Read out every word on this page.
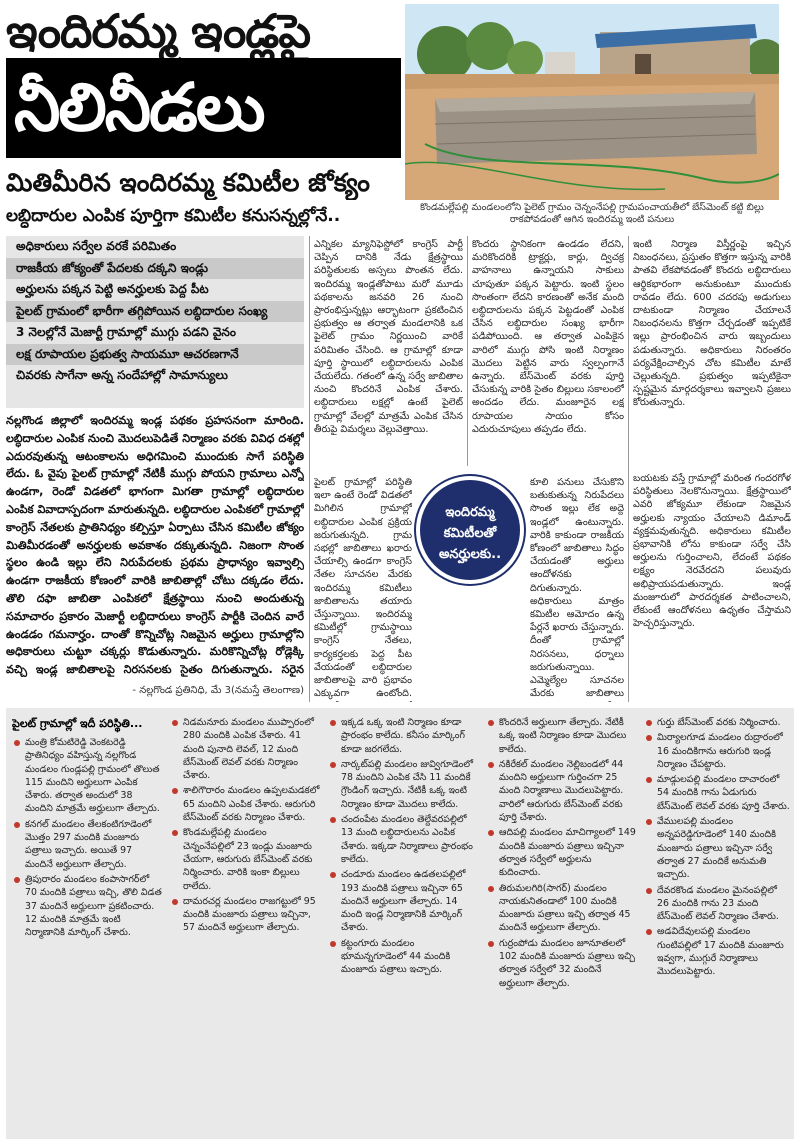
ఇందిరమ్మ ఇండ్లపై
నీలినీడలు
కొండమల్లేపల్లి మండలంలోని పైలెట్ గ్రామం చెన్నంనేపల్లి గ్రామపంచాయతీలో బేస్‌మెంట్ కట్టి బిల్లు రాకపోవడంతో ఆగిన ఇందిరమ్మ ఇంటి పనులు
మితిమీరిన ఇందిరమ్మ కమిటీల జోక్యం
లబ్ధిదారుల ఎంపిక పూర్తిగా కమిటీల కనుసన్నల్లోనే..
అధికారులు సర్వేల వరకే పరిమితం
రాజకీయ జోక్యంతో పేదలకు దక్కని ఇండ్లు
అర్హులను పక్కన పెట్టి అనర్హులకు పెద్ద పీట
పైలట్ గ్రామంలో భారీగా తగ్గిపోయిన లబ్ధిదారుల సంఖ్య
3 నెలల్లోనే మెజార్టీ గ్రామాల్లో ముగ్గు పడని వైనం
లక్ష రూపాయల ప్రభుత్వ సాయమూ ఆచరణగానే
చివరకు సాగేనా అన్న సందేహాల్లో సామాన్యులు
నల్లగొండ జిల్లాలో ఇందిరమ్మ ఇండ్ల పథకం ప్రహసనంగా మారింది. లబ్ధిదారుల ఎంపిక నుంచి మొదలుపెడితే నిర్మాణం వరకు వివిధ దశల్లో ఎదురవుతున్న ఆటంకాలను అధిగమించి ముందుకు సాగే పరిస్థితి లేదు. ఓ వైపు పైలట్ గ్రామాల్లో నేటికీ ముగ్గు పోయని గ్రామాలు ఎన్నో ఉండగా, రెండో విడతలో భాగంగా మిగతా గ్రామాల్లో లబ్ధిదారుల ఎంపిక వివాదాస్పదంగా మారుతున్నది. లబ్ధిదారుల ఎంపికలో గ్రామాల్లో కాంగ్రెస్ నేతలకు ప్రాతినిధ్యం కల్పిస్తూ ఏర్పాటు చేసిన కమిటీల జోక్యం మితిమీరడంతో అనర్హులకు అవకాశం దక్కుతున్నది. నిజంగా సొంత స్థలం ఉండి ఇల్లు లేని నిరుపేదలకు ప్రథమ ప్రాధాన్యం ఇవ్వాల్సి ఉండగా రాజకీయ కోణంలో వారికి జాబితాల్లో చోటు దక్కడం లేదు. తొలి దఫా జాబితా ఎంపికలో క్షేత్రస్థాయి నుంచి అందుతున్న సమాచారం ప్రకారం మెజార్టీ లబ్ధిదారులు కాంగ్రెస్ పార్టీకి చెందిన వారే ఉండడం గమనార్హం. దాంతో కొన్నిచోట్ల నిజమైన అర్హులు గ్రామాల్లోని అధికారులు చుట్టూ చక్కర్లు కొడుతున్నారు. మరికొన్నిచోట్ల రోడ్లెక్కి వచ్చి ఇండ్ల జాబితాలపై నిరసనలకు సైతం దిగుతున్నారు. సరైన
- నల్లగొండ ప్రతినిధి, మే 3(నమస్తే తెలంగాణ)
ఎన్నికల మ్యానిఫెస్టోలో కాంగ్రెస్ పార్టీ చెప్పిన దానికి నేడు క్షేత్రస్థాయి పరిస్థితులకు అస్సలు పొంతన లేదు. ఇందిరమ్మ ఇండ్లతోపాటు మరో మూడు పథకాలను జనవరి 26 నుంచి ప్రారంభిస్తున్నట్లు ఆర్భాటంగా ప్రకటించిన ప్రభుత్వం ఆ తర్వాత మండలానికి ఒక పైలెట్ గ్రామం నిర్ణయించి వారికే పరిమితం చేసింది. ఆ గ్రామాల్లో కూడా పూర్తి స్థాయిలో లబ్ధిదారులను ఎంపిక చేయలేదు. గతంలో ఉన్న సర్వే జాబితాల నుంచి కొందరినే ఎంపిక చేశారు. లబ్ధిదారులు లక్షల్లో ఉంటే పైలెట్ గ్రామాల్లో వేలల్లో మాత్రమే ఎంపిక చేసిన తీరుపై విమర్శలు వెల్లువెత్తాయి.
కొందరు స్థానికంగా ఉండడం లేదని, మరికొందరికి ట్రాక్టర్లు, కార్లు, ద్విచక్ర వాహనాలు ఉన్నాయని సాకులు చూపుతూ పక్కన పెట్టారు. ఇంటి స్థలం సొంతంగా లేదని కారణంతో అనేక మంది లబ్ధిదారులను పక్కన పెట్టడంతో ఎంపిక చేసిన లబ్ధిదారుల సంఖ్య భారీగా పడిపోయింది. ఆ తర్వాత ఎంపికైన వారిలో ముగ్గు పోసి ఇంటి నిర్మాణం మొదలు పెట్టిన వారు స్వల్పంగానే ఉన్నారు. బేస్‌మెంట్ వరకు పూర్తి చేసుకున్న వారికి సైతం బిల్లులు సకాలంలో అందడం లేదు. మంజూరైన లక్ష రూపాయల సాయం కోసం ఎదురుచూపులు తప్పడం లేదు.
ఇంటి నిర్మాణ విస్తీర్ణంపై ఇచ్చిన నిబంధనలు, ప్రస్తుతం కొత్తగా ఇస్తున్న వారికి పాతవి లేకపోవడంతో కొందరు లబ్ధిదారులు ఆర్థికభారంగా అనుకుంటూ ముందుకు రావడం లేదు. 600 చదరపు అడుగులు దాటకుండా నిర్మాణం చేయాలనే నిబంధనలను కొత్తగా చేర్చడంతో ఇప్పటికే ఇల్లు ప్రారంభించిన వారు ఇబ్బందులు పడుతున్నారు. అధికారులు నిరంతరం పర్యవేక్షించాల్సిన చోట కమిటీల మాటే చెల్లుతున్నది. ప్రభుత్వం ఇప్పటికైనా స్పష్టమైన మార్గదర్శకాలు ఇవ్వాలని ప్రజలు కోరుతున్నారు.
పైలట్ గ్రామాల్లో పరిస్థితి ఇలా ఉంటే రెండో విడతలో మిగిలిన గ్రామాల్లో లబ్ధిదారుల ఎంపిక ప్రక్రియ జరుగుతున్నది. గ్రామ సభల్లో జాబితాలు ఖరారు చేయాల్సి ఉండగా కాంగ్రెస్ నేతల సూచనల మేరకు ఇందిరమ్మ కమిటీలు జాబితాలను తయారు చేస్తున్నాయి. ఇందిరమ్మ కమిటీల్లో గ్రామస్థాయి కాంగ్రెస్ నేతలు, కార్యకర్తలకు పెద్ద పీట వేయడంతో లబ్ధిదారుల జాబితాలపై వారి ప్రభావం ఎక్కువగా ఉంటోంది.
కూలి పనులు చేసుకొని బతుకుతున్న నిరుపేదలు సొంత ఇల్లు లేక అద్దె ఇండ్లలో ఉంటున్నారు. వారికి కాకుండా రాజకీయ కోణంలో జాబితాలు సిద్ధం చేయడంతో అర్హులు ఆందోళనకు దిగుతున్నారు. అధికారులు మాత్రం కమిటీల ఆమోదం ఉన్న పేర్లనే ఖరారు చేస్తున్నారు. దీంతో గ్రామాల్లో నిరసనలు, ధర్నాలు జరుగుతున్నాయి. ఎమ్మెల్యేల సూచనల మేరకు జాబితాలు
బయటకు వస్తే గ్రామాల్లో మరింత గందరగోళ పరిస్థితులు నెలకొనున్నాయి. క్షేత్రస్థాయిలో ఎవరి జోక్యమూ లేకుండా నిజమైన అర్హులకు న్యాయం చేయాలని డిమాండ్ వ్యక్తమవుతున్నది. అధికారులు కమిటీల ప్రభావానికి లోను కాకుండా సర్వే చేసి అర్హులను గుర్తించాలని, లేదంటే పథకం లక్ష్యం నెరవేరదని పలువురు అభిప్రాయపడుతున్నారు. ఇండ్ల మంజూరులో పారదర్శకత పాటించాలని, లేకుంటే ఆందోళనలు ఉధృతం చేస్తామని హెచ్చరిస్తున్నారు.
ఇందిరమ్మ
కమిటీలతో
అనర్హులకు..
పైలట్ గ్రామాల్లో ఇదీ పరిస్థితి...
మంత్రి కోమటిరెడ్డి వెంకటరెడ్డి ప్రాతినిధ్యం వహిస్తున్న నల్లగొండ మండలం గుండ్లపల్లి గ్రామంలో తొలుత 115 మందిని అర్హులుగా ఎంపిక చేశారు. తర్వాత అందులో 38 మందిని మాత్రమే అర్హులుగా తేల్చారు.
కనగల్ మండలం తేలకంటిగూడెంలో మొత్తం 297 మందికి మంజూరు పత్రాలు ఇచ్చారు. అయితే 97 మందినే అర్హులుగా తేల్చారు.
త్రిపురారం మండలం కంపాసాగర్‌లో 70 మందికి పత్రాలు ఇచ్చి, తొలి విడత 37 మందినే అర్హులుగా ప్రకటించారు. 12 మందికి మాత్రమే ఇంటి నిర్మాణానికి మార్కింగ్ చేశారు.
నిడమనూరు మండలం ముప్పారంలో 280 మందికి ఎంపిక చేశారు. 41 మంది పునాది లెవల్, 12 మంది బేస్‌మెంట్ లెవల్ వరకు నిర్మాణం చేశారు.
శాలిగౌరారం మండలం ఉప్పలమడకలో 65 మందిని ఎంపిక చేశారు. ఆరుగురి బేస్‌మెంట్ వరకు నిర్మాణం చేశారు.
కొండమల్లేపల్లి మండలం చెన్నంనేపల్లిలో 23 ఇండ్లు మంజూరు చేయగా, ఆరుగురు బేస్‌మెంట్ వరకు నిర్మించారు. వారికి ఇంకా బిల్లులు రాలేదు.
దామరచర్ల మండలం రాజగట్టులో 95 మందికి మంజూరు పత్రాలు ఇచ్చినా, 57 మందినే అర్హులుగా తేల్చారు.
ఇక్కడ ఒక్క ఇంటి నిర్మాణం కూడా ప్రారంభం కాలేదు. కనీసం మార్కింగ్ కూడా జరగలేదు.
నార్కట్‌పల్లి మండలం జువ్విగూడెంలో 78 మందిని ఎంపిక చేసి 11 మందికే గ్రౌండింగ్ ఇచ్చారు. నేటికీ ఒక్క ఇంటి నిర్మాణం కూడా మొదలు కాలేదు.
చందంపేట మండలం తెల్దేవరపల్లిలో 13 మంది లబ్ధిదారులను ఎంపిక చేశారు. ఇక్కడా నిర్మాణాలు ప్రారంభం కాలేదు.
చండూరు మండలం ఉడతలపల్లిలో 193 మందికి పత్రాలు ఇచ్చినా 65 మందినే అర్హులుగా తేల్చారు. 14 మంది ఇండ్ల నిర్మాణానికి మార్కింగ్ చేశారు.
కట్టంగూరు మండలం భూమన్నగూడెంలో 44 మందికి మంజూరు పత్రాలు ఇచ్చారు.
కొందరినే అర్హులుగా తేల్చారు. నేటికీ ఒక్క ఇంటి నిర్మాణం కూడా మొదలు కాలేదు.
నకిరేకల్ మండలం నెల్లిబండలో 44 మందిని అర్హులుగా గుర్తించగా 25 మంది నిర్మాణాలు మొదలుపెట్టారు. వారిలో ఆరుగురు బేస్‌మెంట్ వరకు పూర్తి చేశారు.
ఆదిపల్లి మండలం మాచిగ్యాలలో 149 మందికి మంజూరు పత్రాలు ఇచ్చినా తర్వాత సర్వేలో అర్హులను కుదించారు.
తిరుమలగిరి(సాగర్) మండలం నాయకునితండాలో 100 మందికి మంజూరు పత్రాలు ఇచ్చి తర్వాత 45 మందినే అర్హులుగా తేల్చారు.
గుర్రంపోడు మండలం జూనూతలలో 102 మందికి మంజూరు పత్రాలు ఇచ్చి తర్వాత సర్వేలో 32 మందినే అర్హులుగా తేల్చారు.
గుర్తు బేస్‌మెంట్ వరకు నిర్మించారు.
మిర్యాలగూడ మండలం రుద్రారంలో 16 మందికిగాను ఆరుగురి ఇండ్ల నిర్మాణం చేపట్టారు.
మాడ్గులపల్లి మండలం దాచారంలో 54 మందికి గాను ఏడుగురు బేస్‌మెంట్ లెవల్ వరకు పూర్తి చేశారు.
వేములపల్లి మండలం అన్నపరెడ్డిగూడెంలో 140 మందికి మంజూరు పత్రాలు ఇచ్చినా సర్వే తర్వాత 27 మందికే అనుమతి ఇచ్చారు.
దేవరకొండ మండలం మైనంపల్లిలో 26 మందికి గాను 23 మంది బేస్‌మెంట్ లెవల్ నిర్మాణం చేశారు.
అడవిదేవులపల్లి మండలం గుంటిపల్లిలో 17 మందికి మంజూరు ఇవ్వగా, ముగ్గురే నిర్మాణాలు మొదలుపెట్టారు.
